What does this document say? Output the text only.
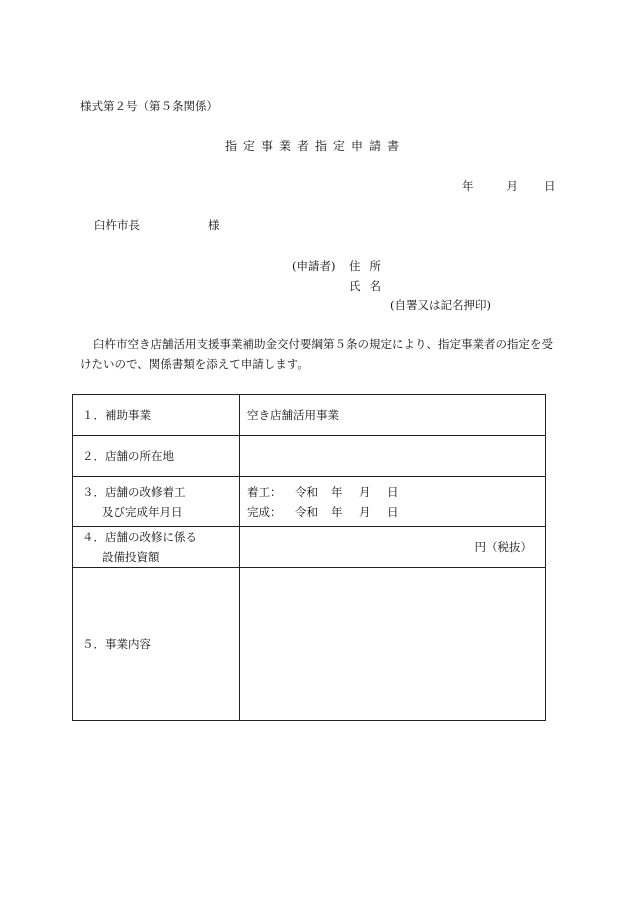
様式第２号（第５条関係）
指定事業者指定申請書
年	月 日
臼杵市長	様
(申請者) 住所
氏名
(自署又は記名押印)
臼杵市空き店舗活用支援事業補助金交付要綱第５条の規定により、指定事業者の指定を受けたいので、関係書類を添えて申請します。
１．補助事業	空き店舗活用事業
２．店舗の所在地	

３．店舗の改修着工
及び完成年月日	着工： 令和 年 月 日
完成： 令和 年 月 日

４．店舗の改修に係る
設備投資額	円（税抜）

５．事業内容	
